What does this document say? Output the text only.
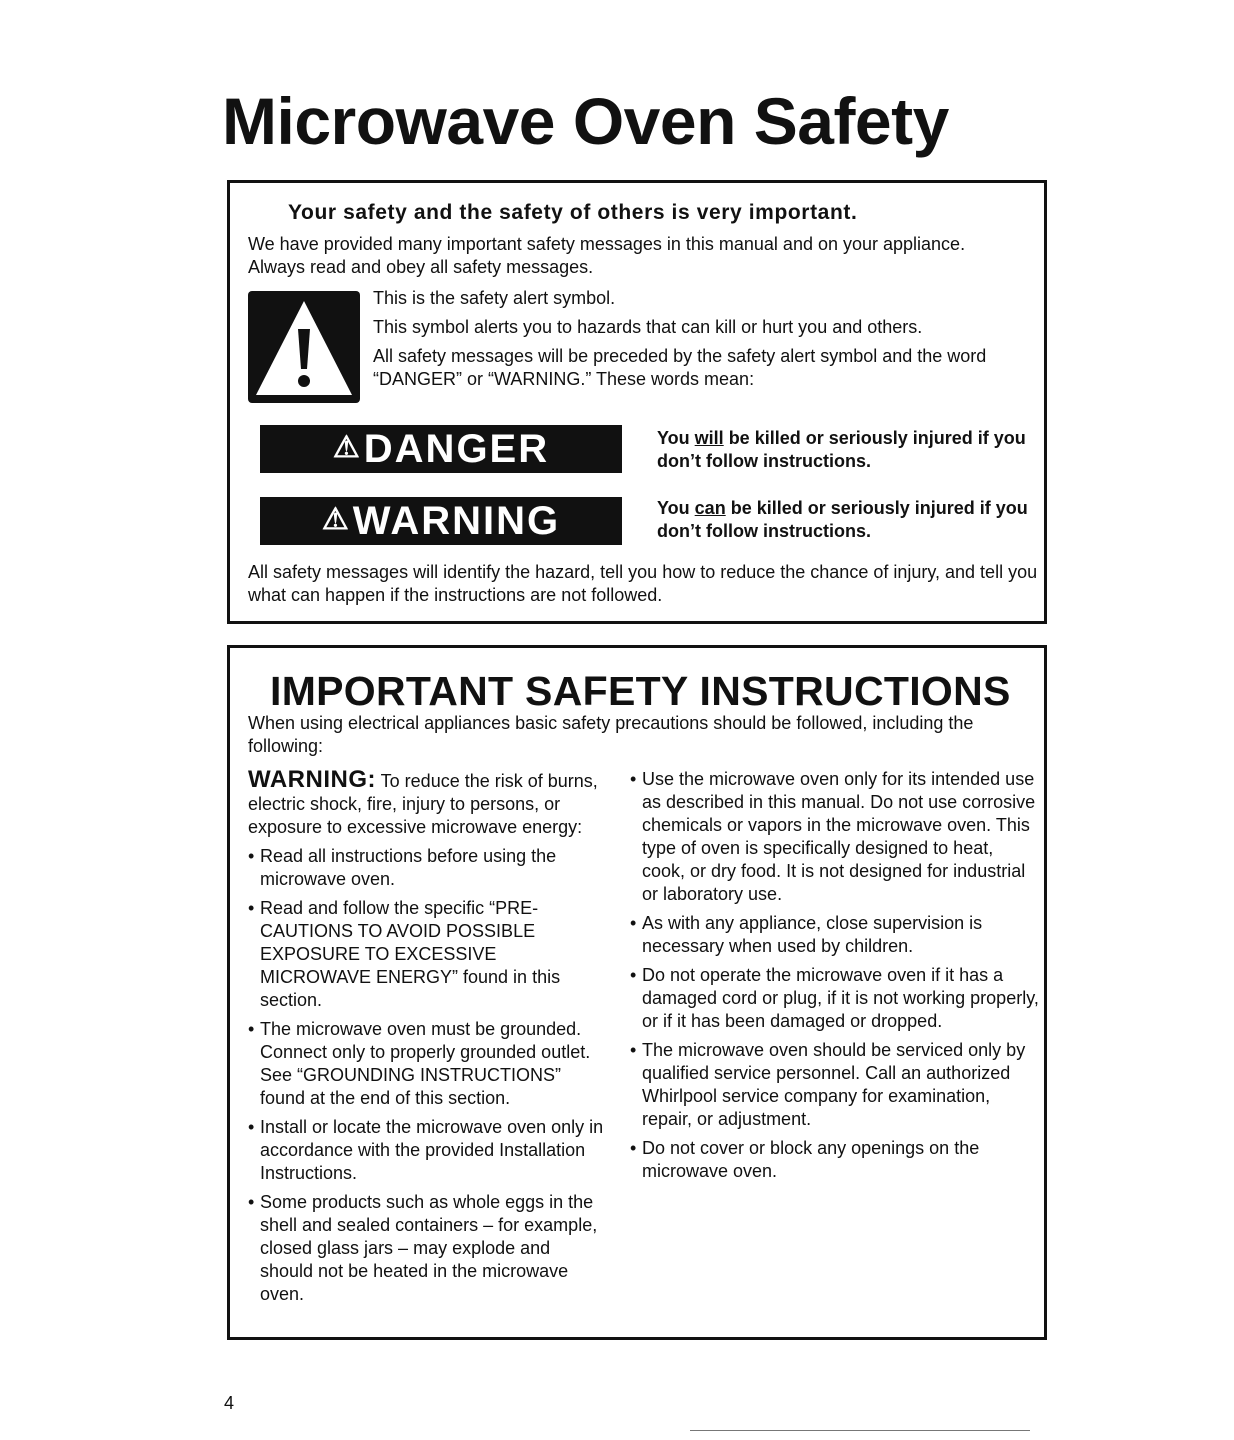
Microwave Oven Safety
Your safety and the safety of others is very important.

We have provided many important safety messages in this manual and on your appliance. Always read and obey all safety messages.

This is the safety alert symbol.

This symbol alerts you to hazards that can kill or hurt you and others.

All safety messages will be preceded by the safety alert symbol and the word “DANGER” or “WARNING.” These words mean:

⚠ DANGER	You will be killed or seriously injured if you don’t follow instructions.
⚠ WARNING	You can be killed or seriously injured if you don’t follow instructions.

All safety messages will identify the hazard, tell you how to reduce the chance of injury, and tell you what can happen if the instructions are not followed.

IMPORTANT SAFETY INSTRUCTIONS

When using electrical appliances basic safety precautions should be followed, including the following:

WARNING: To reduce the risk of burns, electric shock, fire, injury to persons, or exposure to excessive microwave energy:

• Read all instructions before using the microwave oven.
• Read and follow the specific “PRE-CAUTIONS TO AVOID POSSIBLE EXPOSURE TO EXCESSIVE MICROWAVE ENERGY” found in this section.
• The microwave oven must be grounded. Connect only to properly grounded outlet. See “GROUNDING INSTRUCTIONS” found at the end of this section.
• Install or locate the microwave oven only in accordance with the provided Installation Instructions.
• Some products such as whole eggs in the shell and sealed containers – for example, closed glass jars – may explode and should not be heated in the microwave oven.
• Use the microwave oven only for its intended use as described in this manual. Do not use corrosive chemicals or vapors in the microwave oven. This type of oven is specifically designed to heat, cook, or dry food. It is not designed for industrial or laboratory use.
• As with any appliance, close supervision is necessary when used by children.
• Do not operate the microwave oven if it has a damaged cord or plug, if it is not working properly, or if it has been damaged or dropped.
• The microwave oven should be serviced only by qualified service personnel. Call an authorized Whirlpool service company for examination, repair, or adjustment.
• Do not cover or block any openings on the microwave oven.
4
